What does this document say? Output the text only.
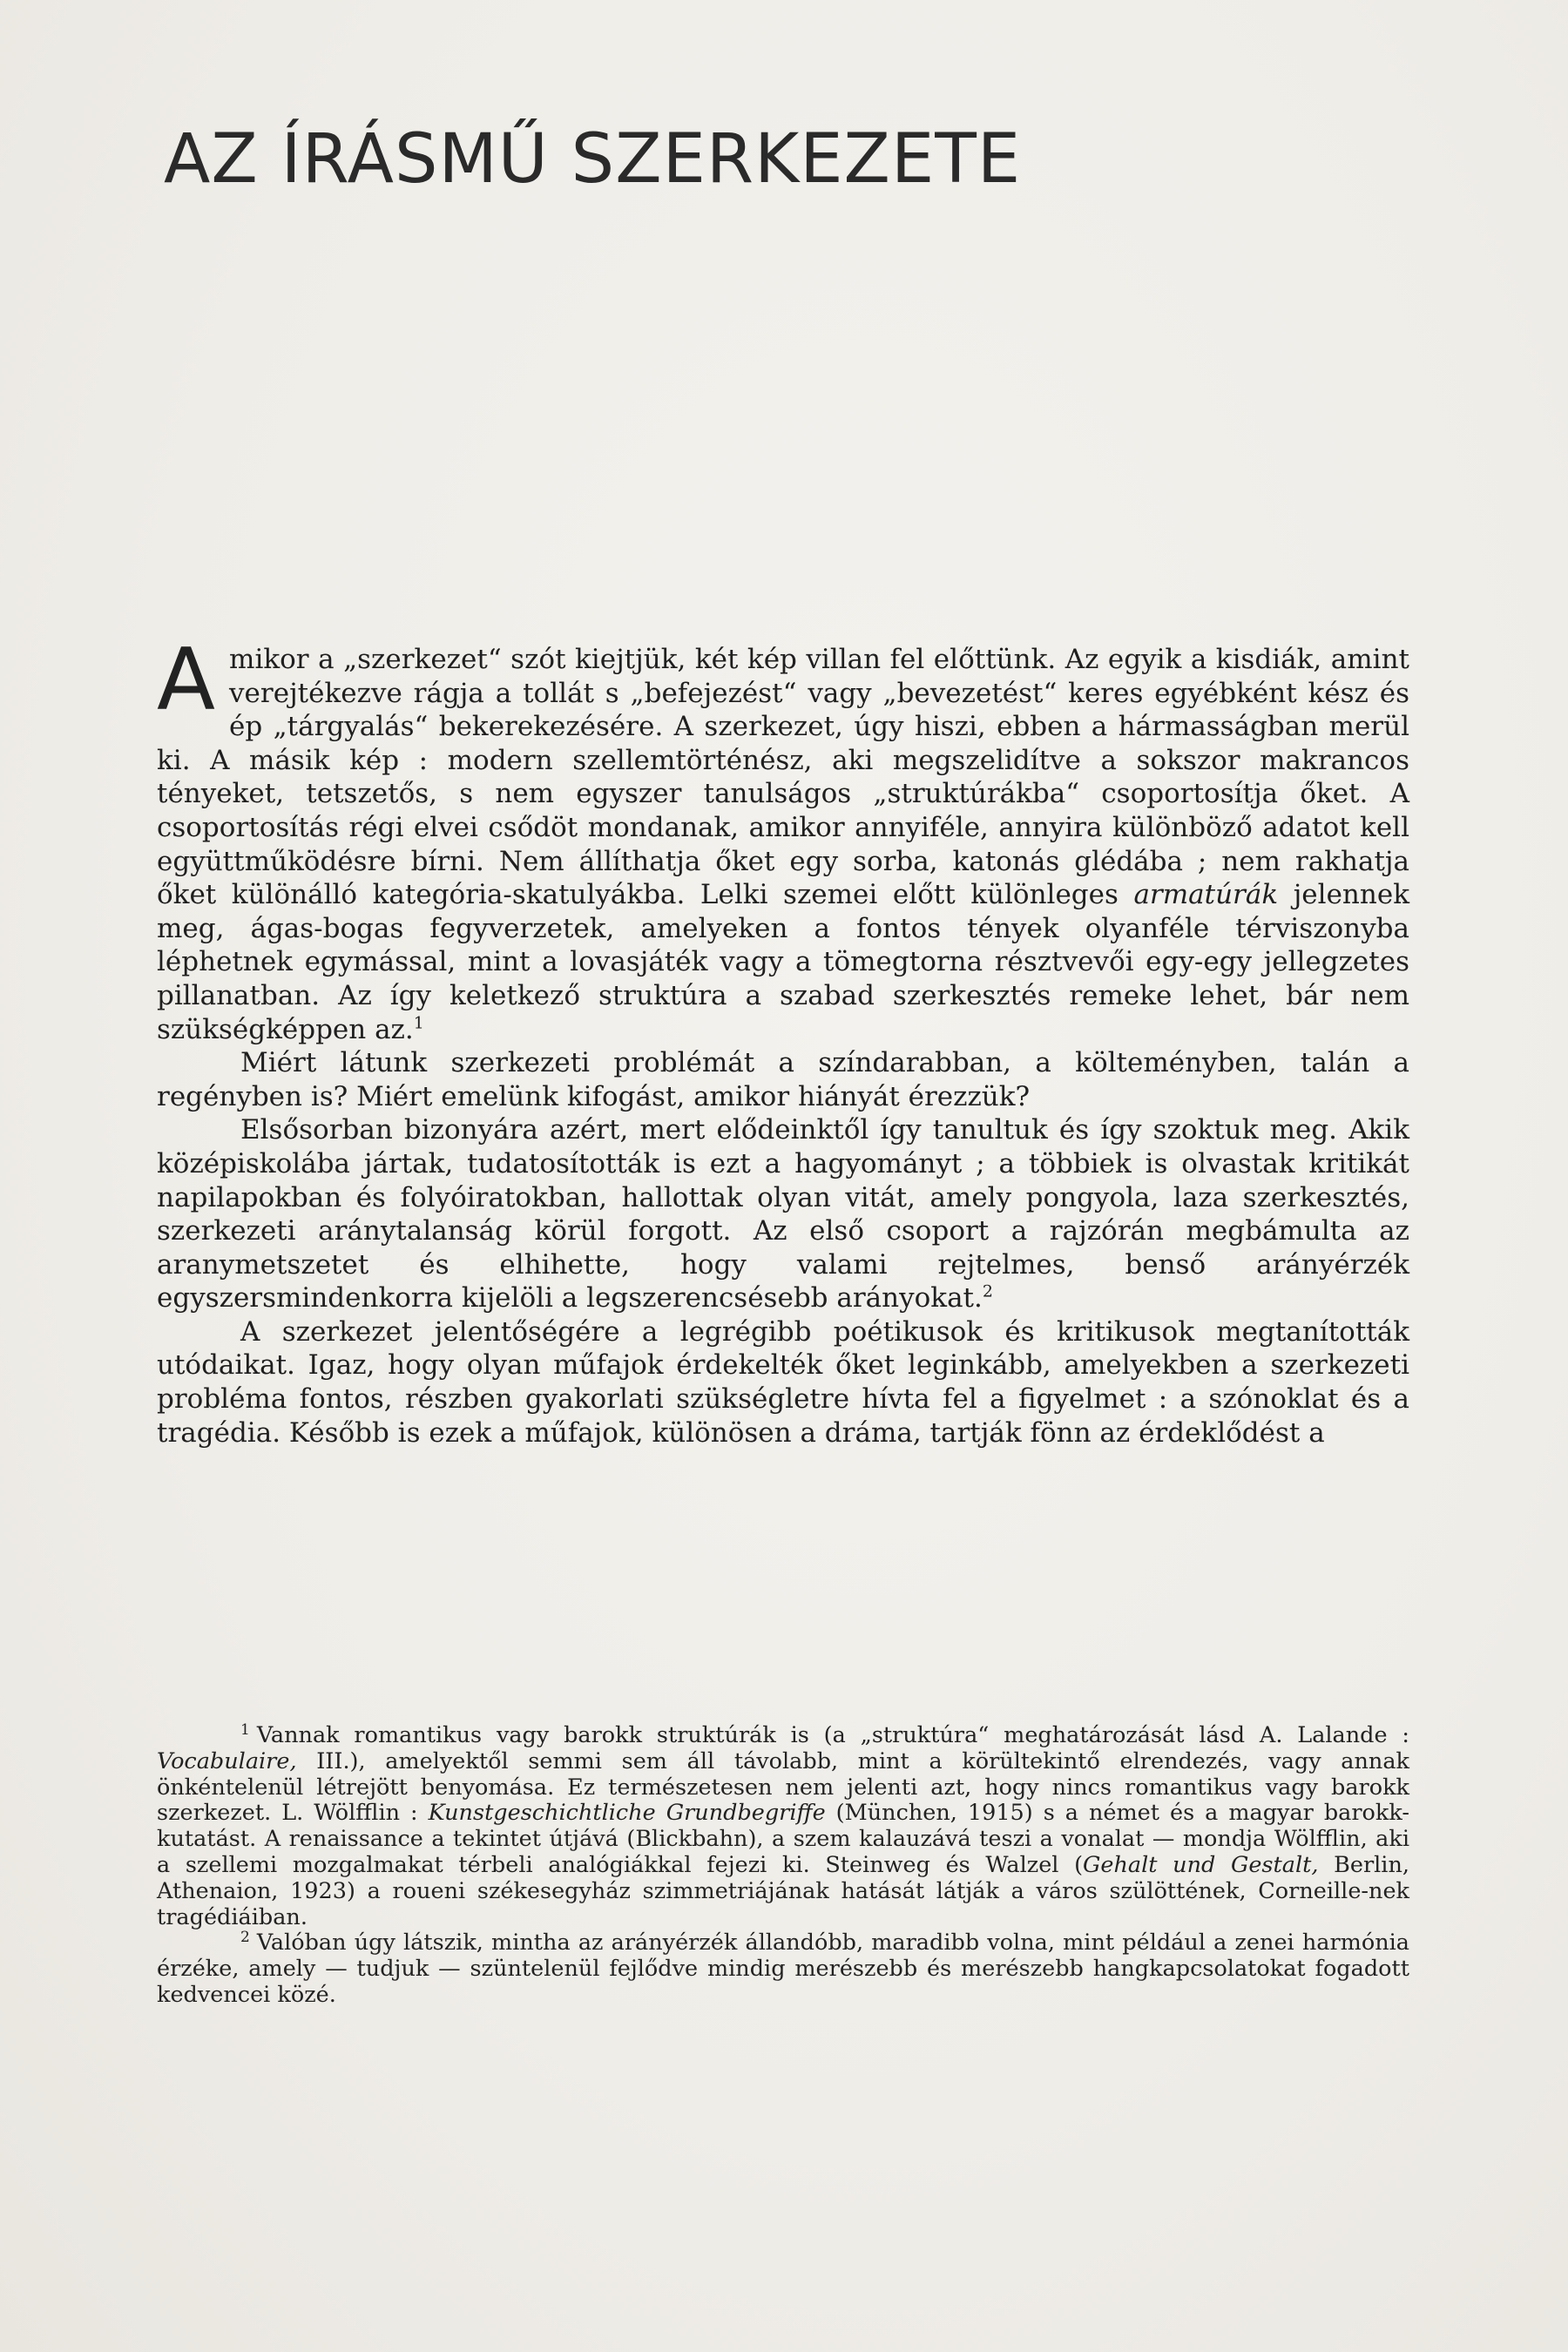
AZ ÍRÁSMŰ SZERKEZETE

Amikor a „szerkezet“ szót kiejtjük, két kép villan fel előttünk. Az egyik a kisdiák, amint verejtékezve rágja a tollát s „befejezést“ vagy „bevezetést“ keres egyébként kész és ép „tárgyalás“ bekerekezésére. A szerkezet, úgy hiszi, ebben a hármasságban merül ki. A másik kép : modern szellemtörténész, aki megszelidítve a sokszor makrancos tényeket, tetszetős, s nem egyszer tanulságos „struktúrákba“ csoportosítja őket. A csoportosítás régi elvei csődöt mondanak, amikor annyiféle, annyira különböző adatot kell együttműködésre bírni. Nem állíthatja őket egy sorba, katonás glédába ; nem rakhatja őket különálló kategória-skatulyákba. Lelki szemei előtt különleges armatúrák jelennek meg, ágas-bogas fegyverzetek, amelyeken a fontos tények olyanféle térviszonyba léphetnek egymással, mint a lovasjáték vagy a tömegtorna résztvevői egy-egy jellegzetes pillanatban. Az így keletkező struktúra a szabad szerkesztés remeke lehet, bár nem szükségképpen az.$^1$

Miért látunk szerkezeti problémát a színdarabban, a költeményben, talán a regényben is? Miért emelünk kifogást, amikor hiányát érezzük?

Elsősorban bizonyára azért, mert elődeinktől így tanultuk és így szoktuk meg. Akik középiskolába jártak, tudatosították is ezt a hagyományt ; a többiek is olvastak kritikát napilapokban és folyóiratokban, hallottak olyan vitát, amely pongyola, laza szerkesztés, szerkezeti aránytalanság körül forgott. Az első csoport a rajzórán megbámulta az aranymetszetet és elhihette, hogy valami rejtelmes, benső arányérzék egyszersmindenkorra kijelöli a legszerencsésebb arányokat.$^2$

A szerkezet jelentőségére a legrégibb poétikusok és kritikusok megtanították utódaikat. Igaz, hogy olyan műfajok érdekelték őket leginkább, amelyekben a szerkezeti probléma fontos, részben gyakorlati szükségletre hívta fel a figyelmet : a szónoklat és a tragédia. Később is ezek a műfajok, különösen a dráma, tartják fönn az érdeklődést a

$^1$ Vannak romantikus vagy barokk struktúrák is (a „struktúra“ meghatározását lásd A. Lalande : Vocabulaire, III.), amelyektől semmi sem áll távolabb, mint a körültekintő elrendezés, vagy annak önkéntelenül létrejött benyomása. Ez természetesen nem jelenti azt, hogy nincs romantikus vagy barokk szerkezet. L. Wölfflin : Kunstgeschichtliche Grundbegriffe (München, 1915) s a német és a magyar barokk-kutatást. A renaissance a tekintet útjává (Blickbahn), a szem kalauzává teszi a vonalat — mondja Wölfflin, aki a szellemi mozgalmakat térbeli analógiákkal fejezi ki. Steinweg és Walzel (Gehalt und Gestalt, Berlin, Athenaion, 1923) a roueni székesegyház szimmetriájának hatását látják a város szülöttének, Corneille-nek tragédiáiban.

$^2$ Valóban úgy látszik, mintha az arányérzék állandóbb, maradibb volna, mint például a zenei harmónia érzéke, amely — tudjuk — szüntelenül fejlődve mindig merészebb és merészebb hangkapcsolatokat fogadott kedvencei közé.
